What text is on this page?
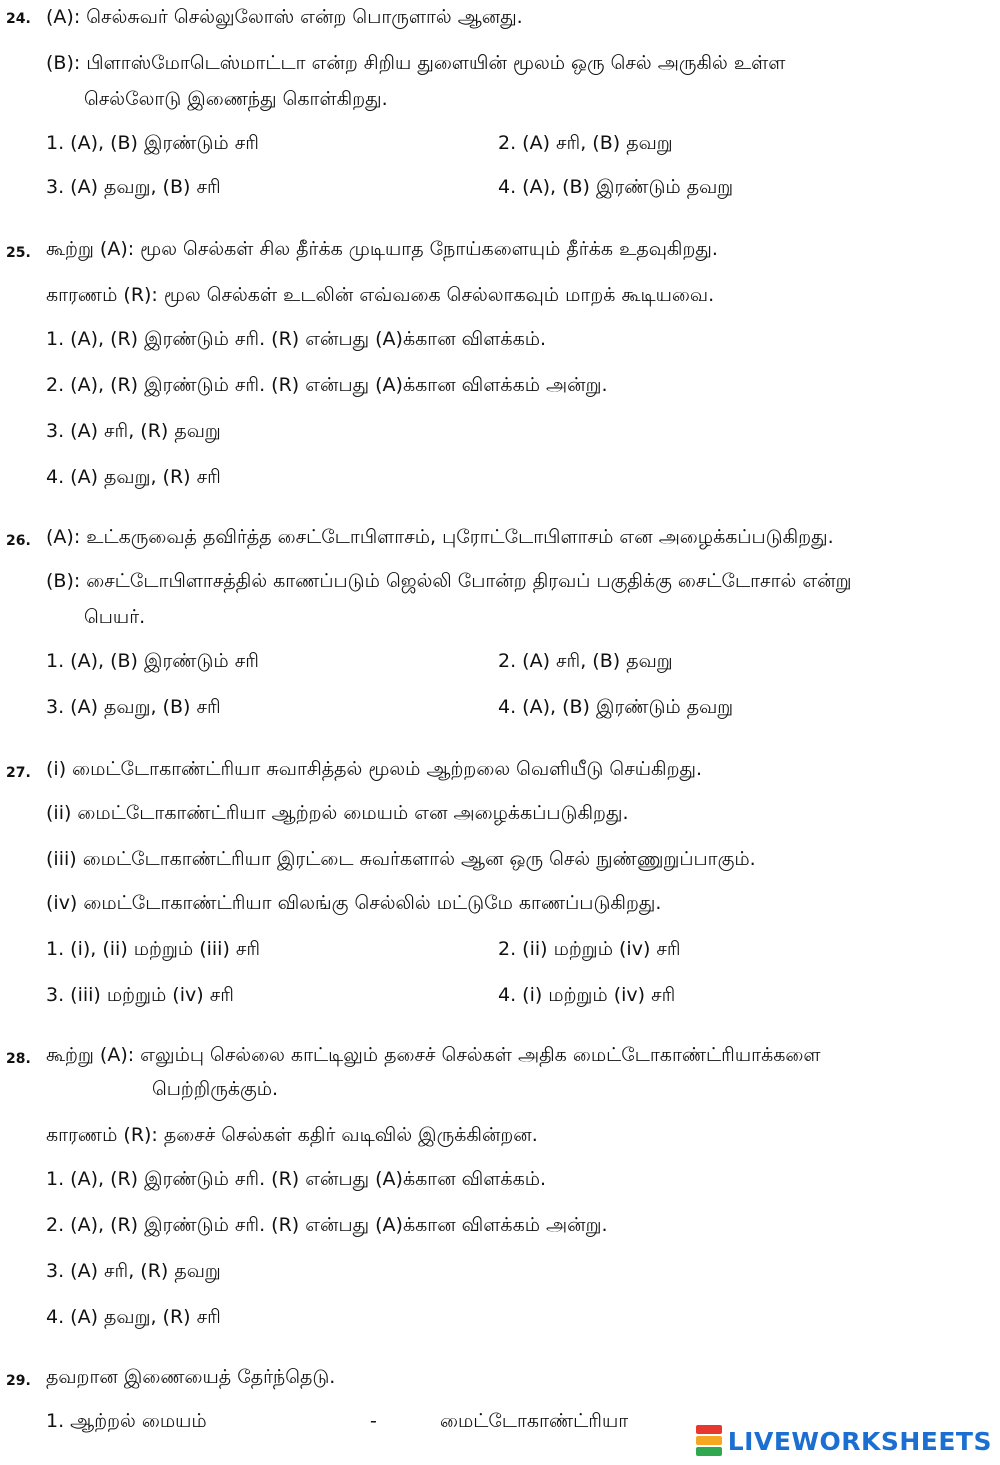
24. (A): செல்சுவர் செல்லுலோஸ் என்ற பொருளால் ஆனது.
(B): பிளாஸ்மோடெஸ்மாட்டா என்ற சிறிய துளையின் மூலம் ஒரு செல் அருகில் உள்ள
செல்லோடு இணைந்து கொள்கிறது.
1. (A), (B) இரண்டும் சரி	2. (A) சரி, (B) தவறு
3. (A) தவறு, (B) சரி	4. (A), (B) இரண்டும் தவறு
25. கூற்று (A): மூல செல்கள் சில தீர்க்க முடியாத நோய்களையும் தீர்க்க உதவுகிறது.
காரணம் (R): மூல செல்கள் உடலின் எவ்வகை செல்லாகவும் மாறக் கூடியவை.
1. (A), (R) இரண்டும் சரி. (R) என்பது (A)க்கான விளக்கம்.
2. (A), (R) இரண்டும் சரி. (R) என்பது (A)க்கான விளக்கம் அன்று.
3. (A) சரி, (R) தவறு
4. (A) தவறு, (R) சரி
26. (A): உட்கருவைத் தவிர்த்த சைட்டோபிளாசம், புரோட்டோபிளாசம் என அழைக்கப்படுகிறது.
(B): சைட்டோபிளாசத்தில் காணப்படும் ஜெல்லி போன்ற திரவப் பகுதிக்கு சைட்டோசால் என்று
பெயர்.
1. (A), (B) இரண்டும் சரி	2. (A) சரி, (B) தவறு
3. (A) தவறு, (B) சரி	4. (A), (B) இரண்டும் தவறு
27. (i) மைட்டோகாண்ட்ரியா சுவாசித்தல் மூலம் ஆற்றலை வெளியீடு செய்கிறது.
(ii) மைட்டோகாண்ட்ரியா ஆற்றல் மையம் என அழைக்கப்படுகிறது.
(iii) மைட்டோகாண்ட்ரியா இரட்டை சுவர்களால் ஆன ஒரு செல் நுண்ணுறுப்பாகும்.
(iv) மைட்டோகாண்ட்ரியா விலங்கு செல்லில் மட்டுமே காணப்படுகிறது.
1. (i), (ii) மற்றும் (iii) சரி	2. (ii) மற்றும் (iv) சரி
3. (iii) மற்றும் (iv) சரி	4. (i) மற்றும் (iv) சரி
28. கூற்று (A): எலும்பு செல்லை காட்டிலும் தசைச் செல்கள் அதிக மைட்டோகாண்ட்ரியாக்களை
பெற்றிருக்கும்.
காரணம் (R): தசைச் செல்கள் கதிர் வடிவில் இருக்கின்றன.
1. (A), (R) இரண்டும் சரி. (R) என்பது (A)க்கான விளக்கம்.
2. (A), (R) இரண்டும் சரி. (R) என்பது (A)க்கான விளக்கம் அன்று.
3. (A) சரி, (R) தவறு
4. (A) தவறு, (R) சரி
29. தவறான இணையைத் தேர்ந்தெடு.
1. ஆற்றல் மையம்	-	மைட்டோகாண்ட்ரியா
LIVEWORKSHEETS
